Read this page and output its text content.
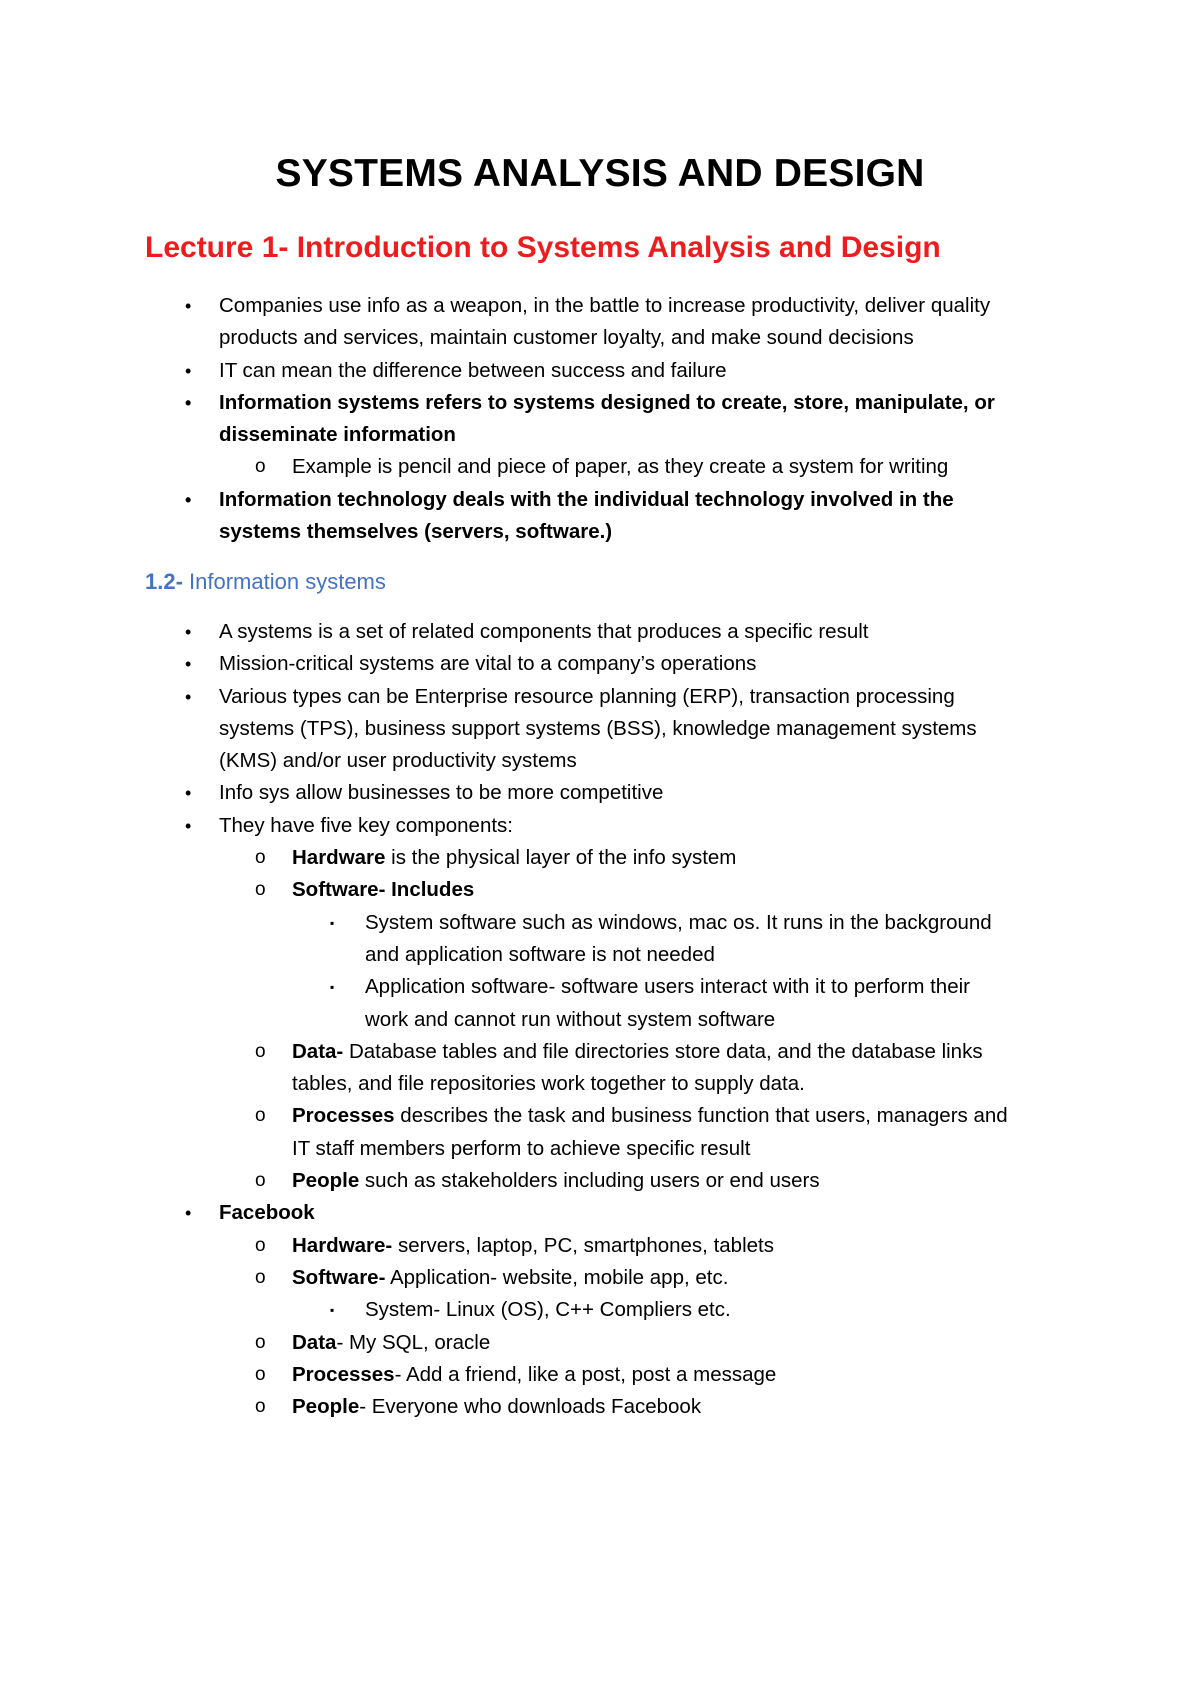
SYSTEMS ANALYSIS AND DESIGN
Lecture 1- Introduction to Systems Analysis and Design
1.2- Information systems
• Companies use info as a weapon, in the battle to increase productivity, deliver quality
products and services, maintain customer loyalty, and make sound decisions
• IT can mean the difference between success and failure
• Information systems refers to systems designed to create, store, manipulate, or
disseminate information
o Example is pencil and piece of paper, as they create a system for writing
• Information technology deals with the individual technology involved in the
systems themselves (servers, software.)
• A systems is a set of related components that produces a specific result
• Mission-critical systems are vital to a company’s operations
• Various types can be Enterprise resource planning (ERP), transaction processing
systems (TPS), business support systems (BSS), knowledge management systems
(KMS) and/or user productivity systems
• Info sys allow businesses to be more competitive
• They have five key components:
o Hardware is the physical layer of the info system
o Software- Includes
▪ System software such as windows, mac os. It runs in the background
and application software is not needed
▪ Application software- software users interact with it to perform their
work and cannot run without system software
o Data- Database tables and file directories store data, and the database links
tables, and file repositories work together to supply data.
o Processes describes the task and business function that users, managers and
IT staff members perform to achieve specific result
o People such as stakeholders including users or end users
• Facebook
o Hardware- servers, laptop, PC, smartphones, tablets
o Software- Application- website, mobile app, etc.
▪ System- Linux (OS), C++ Compliers etc.
o Data- My SQL, oracle
o Processes- Add a friend, like a post, post a message
o People- Everyone who downloads Facebook
